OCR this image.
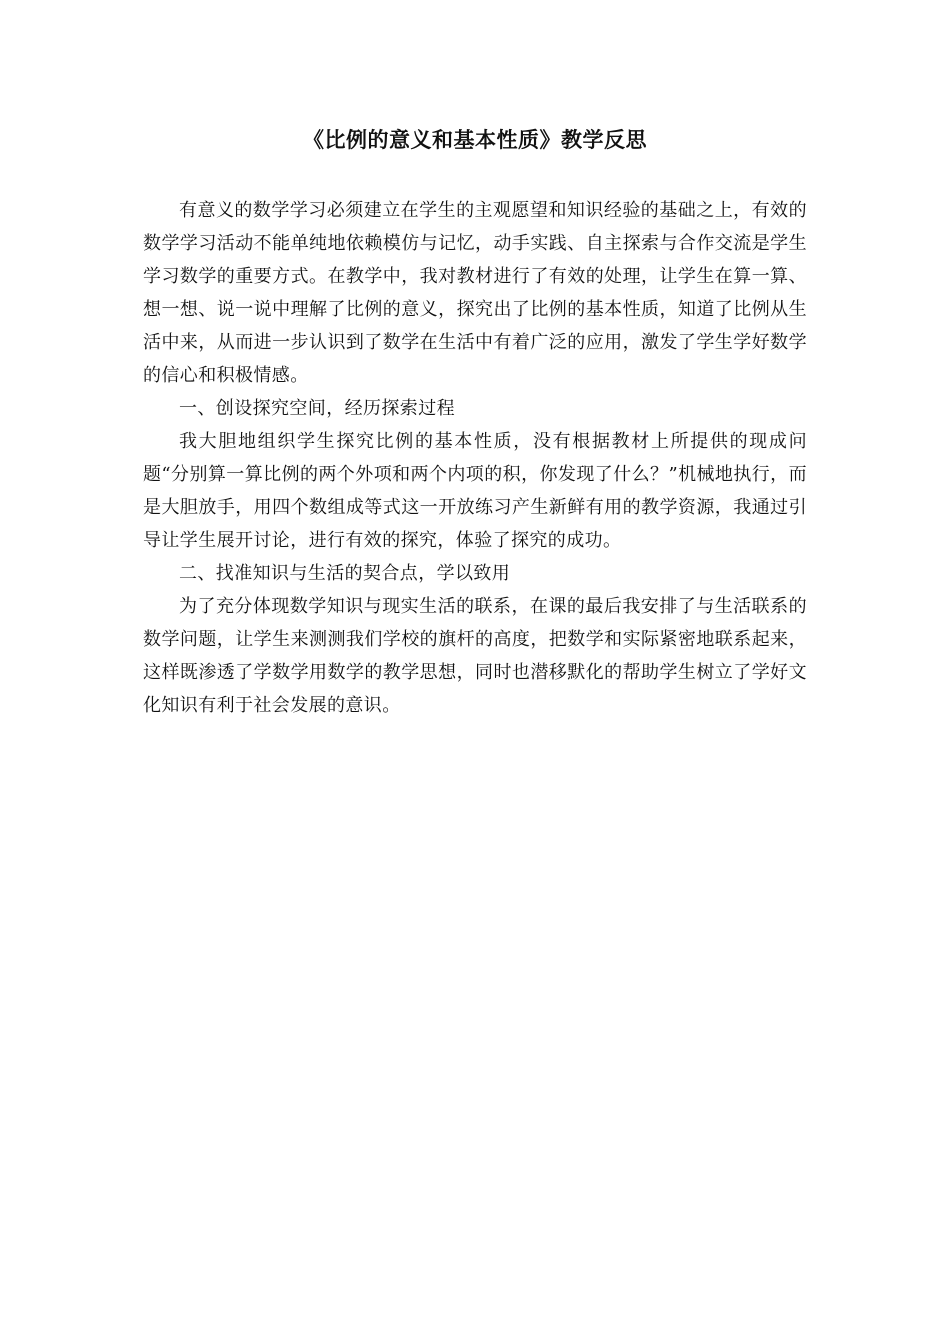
《比例的意义和基本性质》教学反思

有意义的数学学习必须建立在学生的主观愿望和知识经验的基础之上，有效的数学学习活动不能单纯地依赖模仿与记忆，动手实践、自主探索与合作交流是学生学习数学的重要方式。在教学中，我对教材进行了有效的处理，让学生在算一算、想一想、说一说中理解了比例的意义，探究出了比例的基本性质，知道了比例从生活中来，从而进一步认识到了数学在生活中有着广泛的应用，激发了学生学好数学的信心和积极情感。

一、创设探究空间，经历探索过程

我大胆地组织学生探究比例的基本性质，没有根据教材上所提供的现成问题“分别算一算比例的两个外项和两个内项的积，你发现了什么？”机械地执行，而是大胆放手，用四个数组成等式这一开放练习产生新鲜有用的教学资源，我通过引导让学生展开讨论，进行有效的探究，体验了探究的成功。

二、找准知识与生活的契合点，学以致用

为了充分体现数学知识与现实生活的联系，在课的最后我安排了与生活联系的数学问题，让学生来测测我们学校的旗杆的高度，把数学和实际紧密地联系起来，这样既渗透了学数学用数学的教学思想，同时也潜移默化的帮助学生树立了学好文化知识有利于社会发展的意识。
